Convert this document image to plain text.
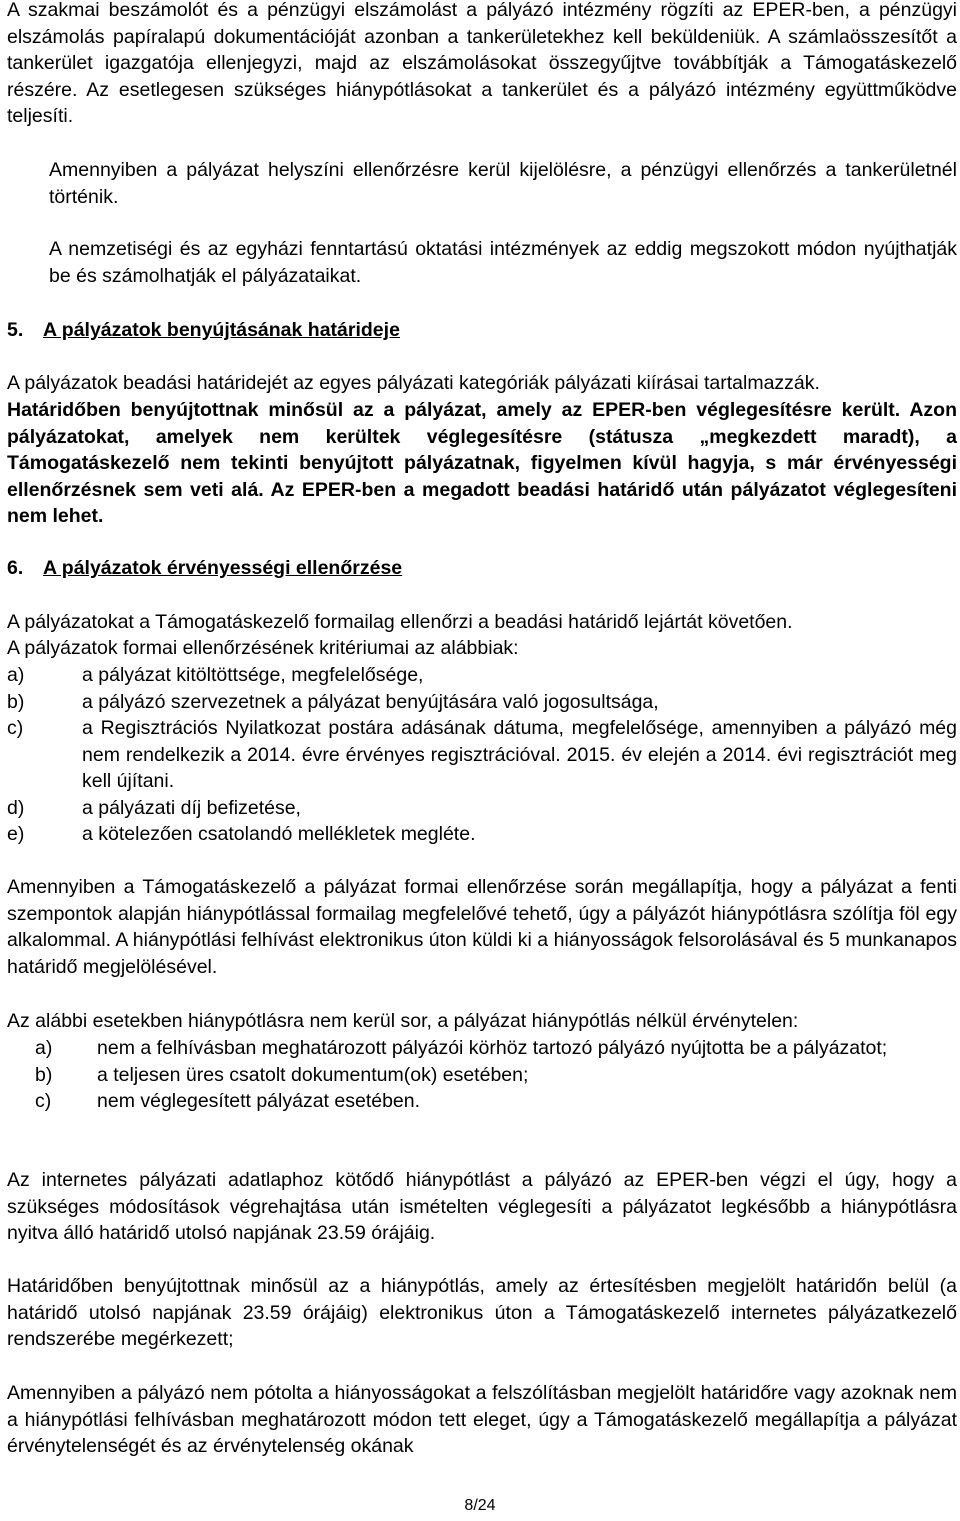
A szakmai beszámolót és a pénzügyi elszámolást a pályázó intézmény rögzíti az EPER-ben, a pénzügyi elszámolás papíralapú dokumentációját azonban a tankerületekhez kell beküldeniük. A számlaösszesítőt a tankerület igazgatója ellenjegyzi, majd az elszámolásokat összegyűjtve továbbítják a Támogatáskezelő részére. Az esetlegesen szükséges hiánypótlásokat a tankerület és a pályázó intézmény együttműködve teljesíti.

Amennyiben a pályázat helyszíni ellenőrzésre kerül kijelölésre, a pénzügyi ellenőrzés a tankerületnél történik.

A nemzetiségi és az egyházi fenntartású oktatási intézmények az eddig megszokott módon nyújthatják be és számolhatják el pályázataikat.

5. A pályázatok benyújtásának határideje

A pályázatok beadási határidejét az egyes pályázati kategóriák pályázati kiírásai tartalmazzák.

Határidőben benyújtottnak minősül az a pályázat, amely az EPER-ben véglegesítésre került. Azon pályázatokat, amelyek nem kerültek véglegesítésre (státusza „megkezdett maradt), a Támogatáskezelő nem tekinti benyújtott pályázatnak, figyelmen kívül hagyja, s már érvényességi ellenőrzésnek sem veti alá. Az EPER-ben a megadott beadási határidő után pályázatot véglegesíteni nem lehet.

6. A pályázatok érvényességi ellenőrzése

A pályázatokat a Támogatáskezelő formailag ellenőrzi a beadási határidő lejártát követően.

A pályázatok formai ellenőrzésének kritériumai az alábbiak:

a)	a pályázat kitöltöttsége, megfelelősége,
b)	a pályázó szervezetnek a pályázat benyújtására való jogosultsága,
c)	a Regisztrációs Nyilatkozat postára adásának dátuma, megfelelősége, amennyiben a pályázó még nem rendelkezik a 2014. évre érvényes regisztrációval. 2015. év elején a 2014. évi regisztrációt meg kell újítani.
d)	a pályázati díj befizetése,
e)	a kötelezően csatolandó mellékletek megléte.

Amennyiben a Támogatáskezelő a pályázat formai ellenőrzése során megállapítja, hogy a pályázat a fenti szempontok alapján hiánypótlással formailag megfelelővé tehető, úgy a pályázót hiánypótlásra szólítja föl egy alkalommal. A hiánypótlási felhívást elektronikus úton küldi ki a hiányosságok felsorolásával és 5 munkanapos határidő megjelölésével.

Az alábbi esetekben hiánypótlásra nem kerül sor, a pályázat hiánypótlás nélkül érvénytelen:

a) nem a felhívásban meghatározott pályázói körhöz tartozó pályázó nyújtotta be a pályázatot;
b) a teljesen üres csatolt dokumentum(ok) esetében;
c) nem véglegesített pályázat esetében.

Az internetes pályázati adatlaphoz kötődő hiánypótlást a pályázó az EPER-ben végzi el úgy, hogy a szükséges módosítások végrehajtása után ismételten véglegesíti a pályázatot legkésőbb a hiánypótlásra nyitva álló határidő utolsó napjának 23.59 órájáig.

Határidőben benyújtottnak minősül az a hiánypótlás, amely az értesítésben megjelölt határidőn belül (a határidő utolsó napjának 23.59 órájáig) elektronikus úton a Támogatáskezelő internetes pályázatkezelő rendszerébe megérkezett;

Amennyiben a pályázó nem pótolta a hiányosságokat a felszólításban megjelölt határidőre vagy azoknak nem a hiánypótlási felhívásban meghatározott módon tett eleget, úgy a Támogatáskezelő megállapítja a pályázat érvénytelenségét és az érvénytelenség okának

8/24
